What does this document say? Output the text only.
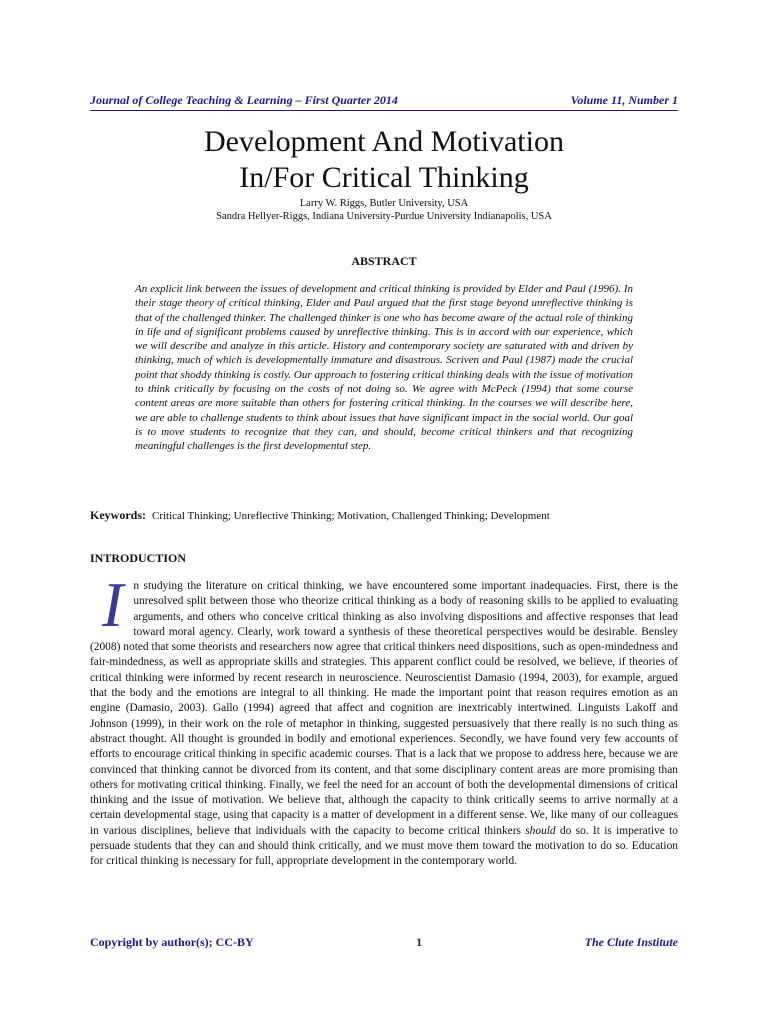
Journal of College Teaching & Learning – First Quarter 2014	Volume 11, Number 1
Development And Motivation
In/For Critical Thinking
Larry W. Riggs, Butler University, USA
Sandra Hellyer-Riggs, Indiana University-Purdue University Indianapolis, USA
ABSTRACT

An explicit link between the issues of development and critical thinking is provided by Elder and Paul (1996). In their stage theory of critical thinking, Elder and Paul argued that the first stage beyond unreflective thinking is that of the challenged thinker. The challenged thinker is one who has become aware of the actual role of thinking in life and of significant problems caused by unreflective thinking. This is in accord with our experience, which we will describe and analyze in this article. History and contemporary society are saturated with and driven by thinking, much of which is developmentally immature and disastrous. Scriven and Paul (1987) made the crucial point that shoddy thinking is costly. Our approach to fostering critical thinking deals with the issue of motivation to think critically by focusing on the costs of not doing so. We agree with McPeck (1994) that some course content areas are more suitable than others for fostering critical thinking. In the courses we will describe here, we are able to challenge students to think about issues that have significant impact in the social world. Our goal is to move students to recognize that they can, and should, become critical thinkers and that recognizing meaningful challenges is the first developmental step.

Keywords: Critical Thinking; Unreflective Thinking; Motivation, Challenged Thinking; Development
INTRODUCTION

In studying the literature on critical thinking, we have encountered some important inadequacies. First, there is the unresolved split between those who theorize critical thinking as a body of reasoning skills to be applied to evaluating arguments, and others who conceive critical thinking as also involving dispositions and affective responses that lead toward moral agency. Clearly, work toward a synthesis of these theoretical perspectives would be desirable. Bensley (2008) noted that some theorists and researchers now agree that critical thinkers need dispositions, such as open-mindedness and fair-mindedness, as well as appropriate skills and strategies. This apparent conflict could be resolved, we believe, if theories of critical thinking were informed by recent research in neuroscience. Neuroscientist Damasio (1994, 2003), for example, argued that the body and the emotions are integral to all thinking. He made the important point that reason requires emotion as an engine (Damasio, 2003). Gallo (1994) agreed that affect and cognition are inextricably intertwined. Linguists Lakoff and Johnson (1999), in their work on the role of metaphor in thinking, suggested persuasively that there really is no such thing as abstract thought. All thought is grounded in bodily and emotional experiences. Secondly, we have found very few accounts of efforts to encourage critical thinking in specific academic courses. That is a lack that we propose to address here, because we are convinced that thinking cannot be divorced from its content, and that some disciplinary content areas are more promising than others for motivating critical thinking. Finally, we feel the need for an account of both the developmental dimensions of critical thinking and the issue of motivation. We believe that, although the capacity to think critically seems to arrive normally at a certain developmental stage, using that capacity is a matter of development in a different sense. We, like many of our colleagues in various disciplines, believe that individuals with the capacity to become critical thinkers should do so. It is imperative to persuade students that they can and should think critically, and we must move them toward the motivation to do so. Education for critical thinking is necessary for full, appropriate development in the contemporary world.

Copyright by author(s); CC-BY	1	The Clute Institute
